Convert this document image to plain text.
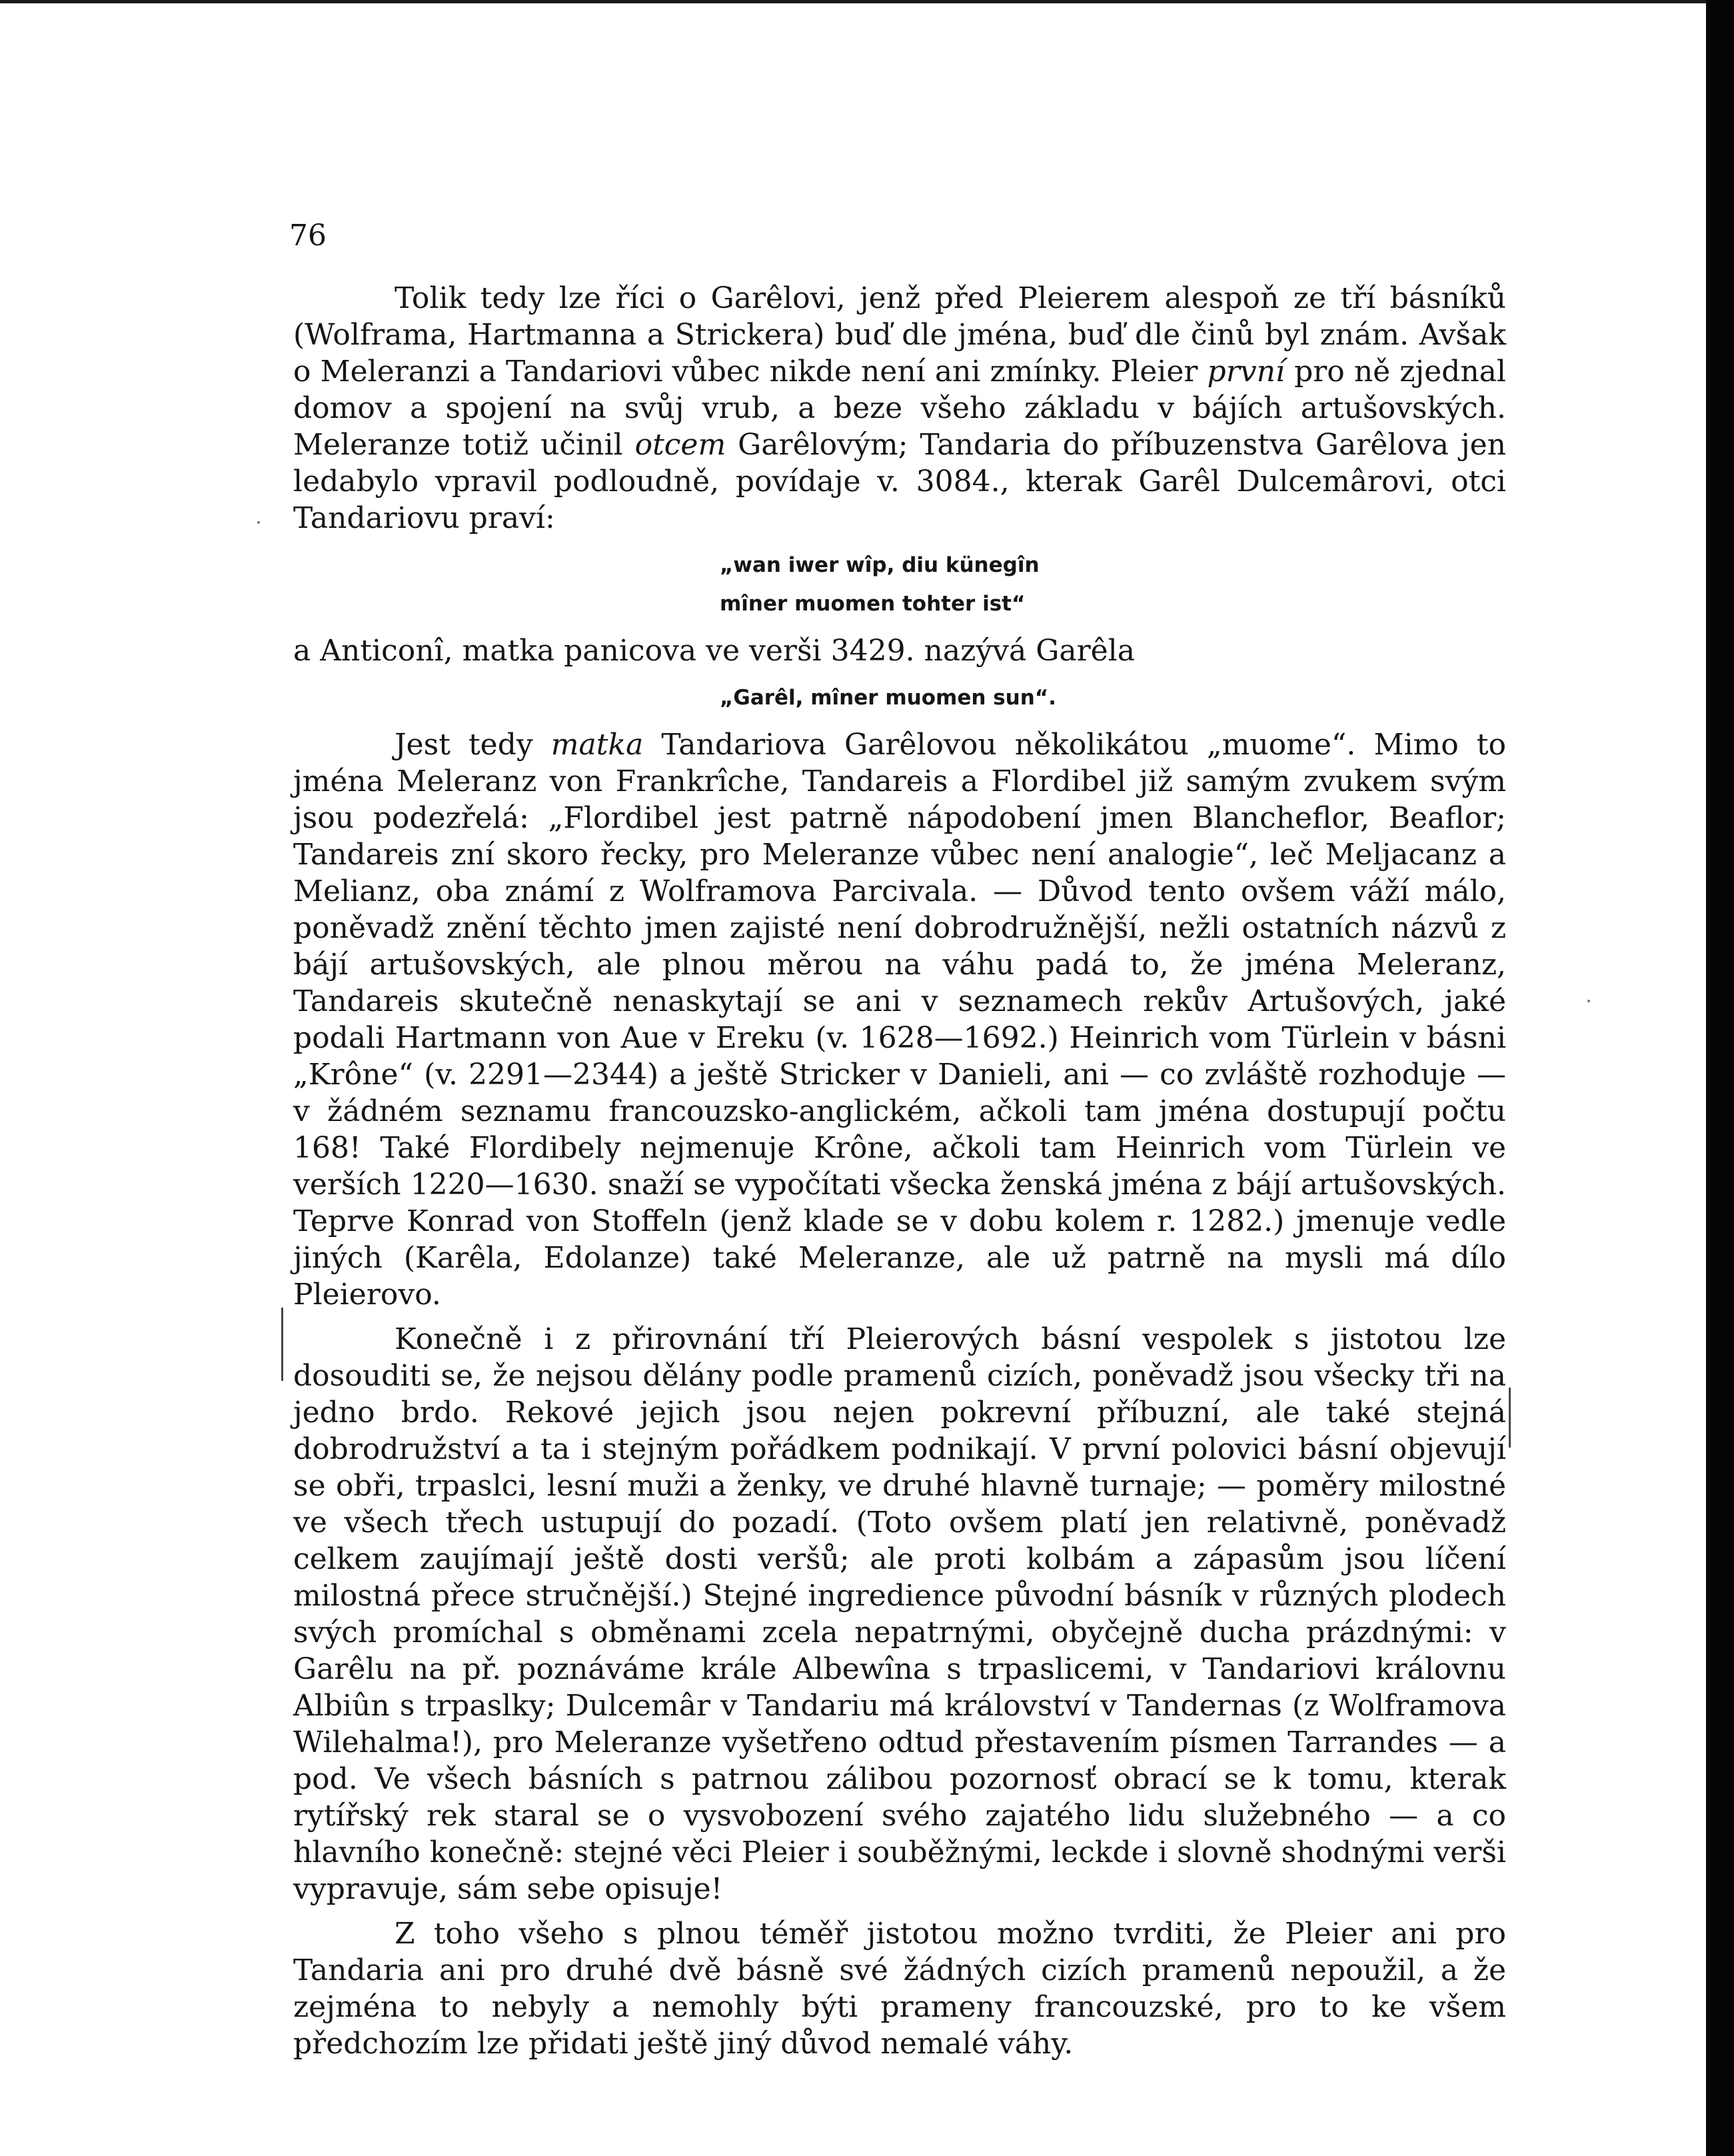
76

Tolik tedy lze říci o Garêlovi, jenž před Pleierem alespoň ze tří básníků (Wolframa, Hartmanna a Strickera) buď dle jména, buď dle činů byl znám. Avšak o Meleranzi a Tandariovi vůbec nikde není ani zmínky. Pleier první pro ně zjednal domov a spojení na svůj vrub, a beze všeho základu v bájích artušovských. Meleranze totiž učinil otcem Garêlovým; Tandaria do příbuzenstva Garêlova jen ledabylo vpravil podloudně, povídaje v. 3084., kterak Garêl Dulcemârovi, otci Tandariovu praví:

„wan iwer wîp, diu künegîn
mîner muomen tohter ist“

a Anticonî, matka panicova ve verši 3429. nazývá Garêla

„Garêl, mîner muomen sun“.

Jest tedy matka Tandariova Garêlovou několikátou „muome“. Mimo to jména Meleranz von Frankrîche, Tandareis a Flordibel již samým zvukem svým jsou podezřelá: „Flordibel jest patrně nápodobení jmen Blancheflor, Beaflor; Tandareis zní skoro řecky, pro Meleranze vůbec není analogie“, leč Meljacanz a Melianz, oba známí z Wolframova Parcivala. — Důvod tento ovšem váží málo, poněvadž znění těchto jmen zajisté není dobrodružnější, nežli ostatních názvů z bájí artušovských, ale plnou měrou na váhu padá to, že jména Meleranz, Tandareis skutečně nenaskytají se ani v seznamech rekův Artušových, jaké podali Hartmann von Aue v Ereku (v. 1628—1692.) Heinrich vom Türlein v básni „Krône“ (v. 2291—2344) a ještě Stricker v Danieli, ani — co zvláště rozhoduje — v žádném seznamu francouzsko-anglickém, ačkoli tam jména dostupují počtu 168! Také Flordibely nejmenuje Krône, ačkoli tam Heinrich vom Türlein ve verších 1220—1630. snaží se vypočítati všecka ženská jména z bájí artušovských. Teprve Konrad von Stoffeln (jenž klade se v dobu kolem r. 1282.) jmenuje vedle jiných (Karêla, Edolanze) také Meleranze, ale už patrně na mysli má dílo Pleierovo.

Konečně i z přirovnání tří Pleierových básní vespolek s jistotou lze dosouditi se, že nejsou dělány podle pramenů cizích, poněvadž jsou všecky tři na jedno brdo. Rekové jejich jsou nejen pokrevní příbuzní, ale také stejná dobrodružství a ta i stejným pořádkem podnikají. V první polovici básní objevují se obři, trpaslci, lesní muži a ženky, ve druhé hlavně turnaje; — poměry milostné ve všech třech ustupují do pozadí. (Toto ovšem platí jen relativně, poněvadž celkem zaujímají ještě dosti veršů; ale proti kolbám a zápasům jsou líčení milostná přece stručnější.) Stejné ingredience původní básník v různých plodech svých promíchal s obměnami zcela nepatrnými, obyčejně ducha prázdnými: v Garêlu na př. poznáváme krále Albewîna s trpaslicemi, v Tandariovi královnu Albiûn s trpaslky; Dulcemâr v Tandariu má království v Tandernas (z Wolframova Wilehalma!), pro Meleranze vyšetřeno odtud přestavením písmen Tarrandes — a pod. Ve všech básních s patrnou zálibou pozornosť obrací se k tomu, kterak rytířský rek staral se o vysvobození svého zajatého lidu služebného — a co hlavního konečně: stejné věci Pleier i souběžnými, leckde i slovně shodnými verši vypravuje, sám sebe opisuje!

Z toho všeho s plnou téměř jistotou možno tvrditi, že Pleier ani pro Tandaria ani pro druhé dvě básně své žádných cizích pramenů nepoužil, a že zejména to nebyly a nemohly býti prameny francouzské, pro to ke všem předchozím lze přidati ještě jiný důvod nemalé váhy.
